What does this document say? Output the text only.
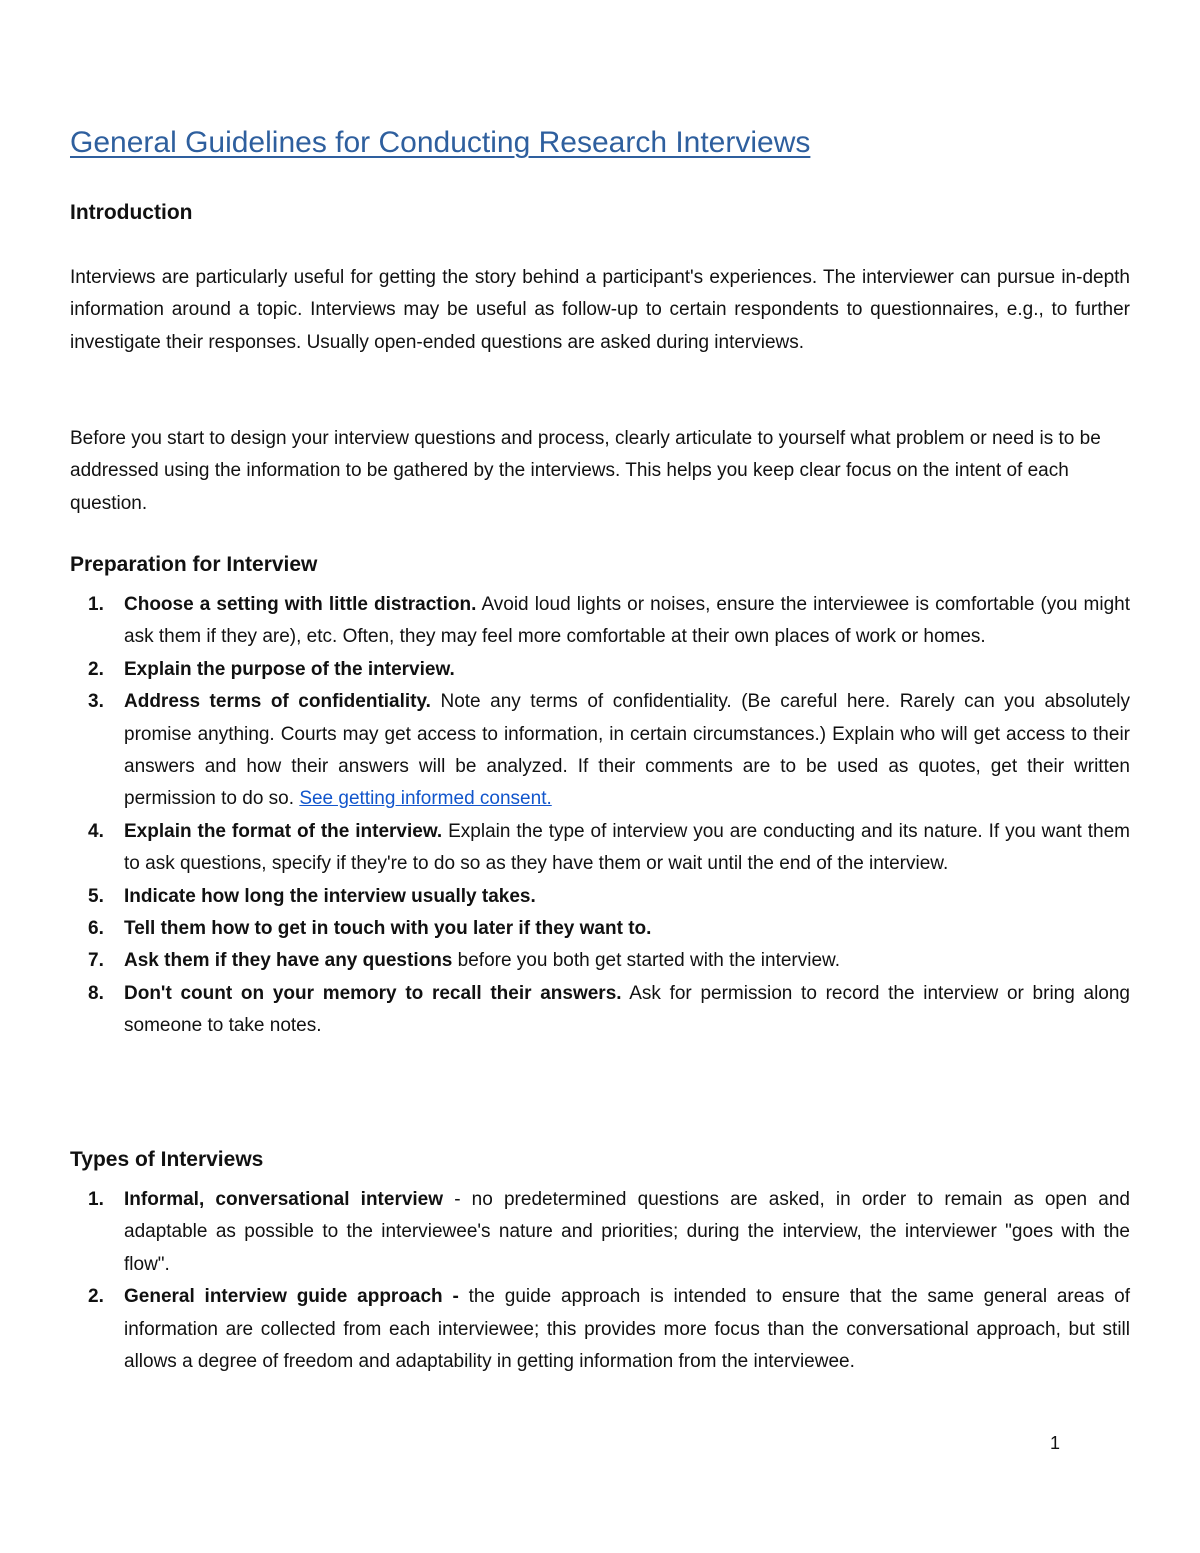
General Guidelines for Conducting Research Interviews
Introduction

Interviews are particularly useful for getting the story behind a participant's experiences. The interviewer can pursue in-depth information around a topic. Interviews may be useful as follow-up to certain respondents to questionnaires, e.g., to further investigate their responses. Usually open-ended questions are asked during interviews.

Before you start to design your interview questions and process, clearly articulate to yourself what problem or need is to be addressed using the information to be gathered by the interviews. This helps you keep clear focus on the intent of each question.

Preparation for Interview
1. Choose a setting with little distraction. Avoid loud lights or noises, ensure the interviewee is comfortable (you might ask them if they are), etc. Often, they may feel more comfortable at their own places of work or homes.
2. Explain the purpose of the interview.
3. Address terms of confidentiality. Note any terms of confidentiality. (Be careful here. Rarely can you absolutely promise anything. Courts may get access to information, in certain circumstances.) Explain who will get access to their answers and how their answers will be analyzed. If their comments are to be used as quotes, get their written permission to do so. See getting informed consent.
4. Explain the format of the interview. Explain the type of interview you are conducting and its nature. If you want them to ask questions, specify if they're to do so as they have them or wait until the end of the interview.
5. Indicate how long the interview usually takes.
6. Tell them how to get in touch with you later if they want to.
7. Ask them if they have any questions before you both get started with the interview.
8. Don't count on your memory to recall their answers. Ask for permission to record the interview or bring along someone to take notes.
Types of Interviews
1. Informal, conversational interview - no predetermined questions are asked, in order to remain as open and adaptable as possible to the interviewee's nature and priorities; during the interview, the interviewer "goes with the flow".
2. General interview guide approach - the guide approach is intended to ensure that the same general areas of information are collected from each interviewee; this provides more focus than the conversational approach, but still allows a degree of freedom and adaptability in getting information from the interviewee.
1
